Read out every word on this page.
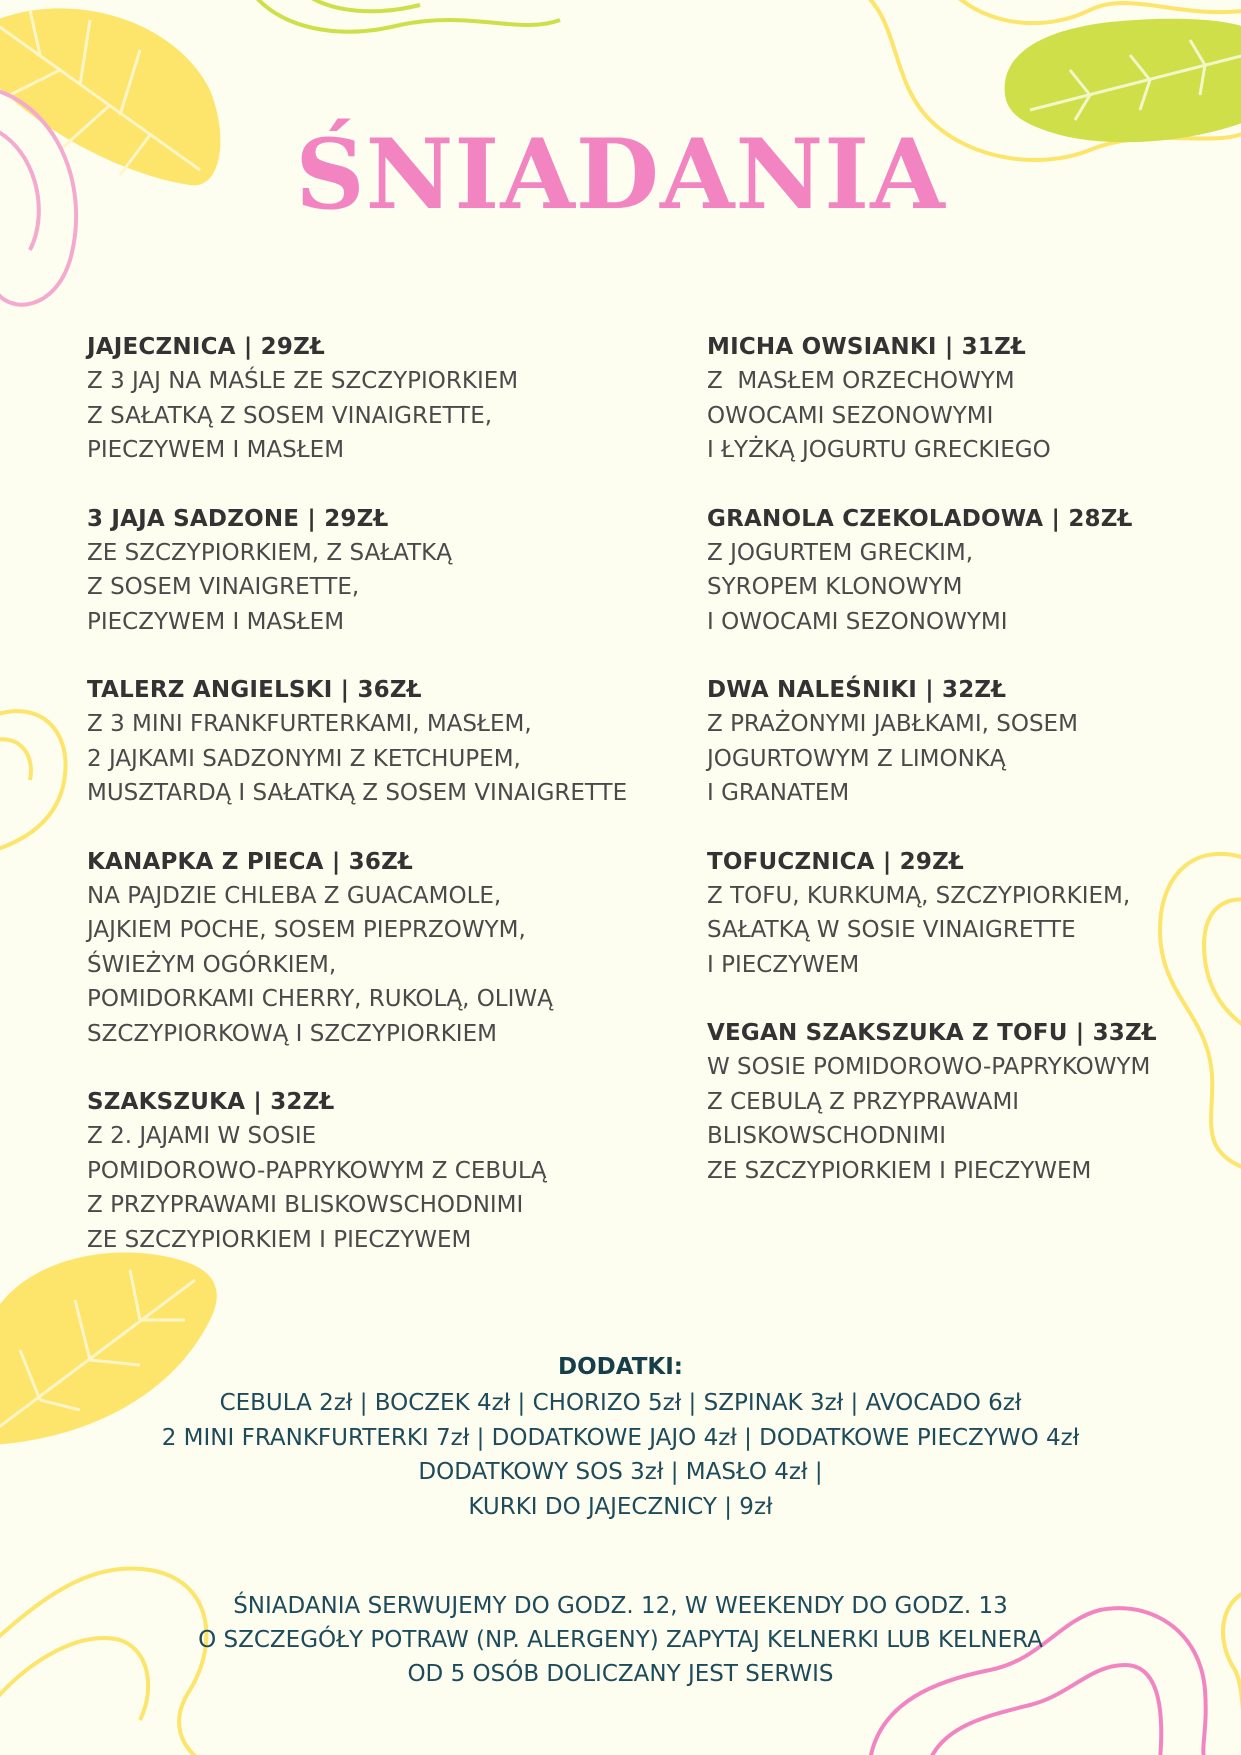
ŚNIADANIA
JAJECZNICA | 29ZŁ

Z 3 JAJ NA MAŚLE ZE SZCZYPIORKIEM
Z SAŁATKĄ Z SOSEM VINAIGRETTE,
PIECZYWEM I MASŁEM

3 JAJA SADZONE | 29ZŁ

ZE SZCZYPIORKIEM, Z SAŁATKĄ
Z SOSEM VINAIGRETTE,
PIECZYWEM I MASŁEM

TALERZ ANGIELSKI | 36ZŁ

Z 3 MINI FRANKFURTERKAMI, MASŁEM,
2 JAJKAMI SADZONYMI Z KETCHUPEM,
MUSZTARDĄ I SAŁATKĄ Z SOSEM VINAIGRETTE

KANAPKA Z PIECA | 36ZŁ

NA PAJDZIE CHLEBA Z GUACAMOLE,
JAJKIEM POCHE, SOSEM PIEPRZOWYM,
ŚWIEŻYM OGÓRKIEM,
POMIDORKAMI CHERRY, RUKOLĄ, OLIWĄ
SZCZYPIORKOWĄ I SZCZYPIORKIEM

SZAKSZUKA | 32ZŁ

Z 2. JAJAMI W SOSIE
POMIDOROWO-PAPRYKOWYM Z CEBULĄ
Z PRZYPRAWAMI BLISKOWSCHODNIMI
ZE SZCZYPIORKIEM I PIECZYWEM

MICHA OWSIANKI | 31ZŁ

Z  MASŁEM ORZECHOWYM
OWOCAMI SEZONOWYMI
I ŁYŻKĄ JOGURTU GRECKIEGO

GRANOLA CZEKOLADOWA | 28ZŁ

Z JOGURTEM GRECKIM,
SYROPEM KLONOWYM
I OWOCAMI SEZONOWYMI

DWA NALEŚNIKI | 32ZŁ

Z PRAŻONYMI JABŁKAMI, SOSEM
JOGURTOWYM Z LIMONKĄ
I GRANATEM

TOFUCZNICA | 29ZŁ

Z TOFU, KURKUMĄ, SZCZYPIORKIEM,
SAŁATKĄ W SOSIE VINAIGRETTE
I PIECZYWEM

VEGAN SZAKSZUKA Z TOFU | 33ZŁ

W SOSIE POMIDOROWO-PAPRYKOWYM
Z CEBULĄ Z PRZYPRAWAMI
BLISKOWSCHODNIMI
ZE SZCZYPIORKIEM I PIECZYWEM

DODATKI:
CEBULA 2zł | BOCZEK 4zł | CHORIZO 5zł | SZPINAK 3zł | AVOCADO 6zł
2 MINI FRANKFURTERKI 7zł | DODATKOWE JAJO 4zł | DODATKOWE PIECZYWO 4zł
DODATKOWY SOS 3zł | MASŁO 4zł |
KURKI DO JAJECZNICY | 9zł
ŚNIADANIA SERWUJEMY DO GODZ. 12, W WEEKENDY DO GODZ. 13
O SZCZEGÓŁY POTRAW (NP. ALERGENY) ZAPYTAJ KELNERKI LUB KELNERA
OD 5 OSÓB DOLICZANY JEST SERWIS
